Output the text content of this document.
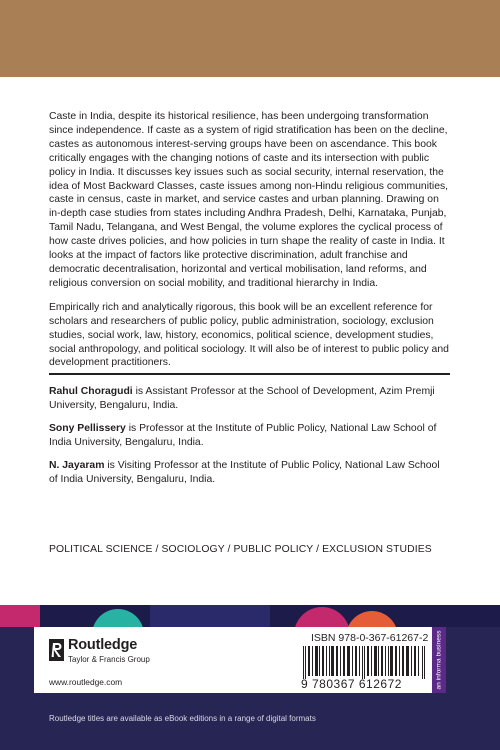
Caste in India, despite its historical resilience, has been undergoing transformation since independence. If caste as a system of rigid stratification has been on the decline, castes as autonomous interest-serving groups have been on ascendance. This book critically engages with the changing notions of caste and its intersection with public policy in India. It discusses key issues such as social security, internal reservation, the idea of Most Backward Classes, caste issues among non-Hindu religious communities, caste in census, caste in market, and service castes and urban planning. Drawing on in-depth case studies from states including Andhra Pradesh, Delhi, Karnataka, Punjab, Tamil Nadu, Telangana, and West Bengal, the volume explores the cyclical process of how caste drives policies, and how policies in turn shape the reality of caste in India. It looks at the impact of factors like protective discrimination, adult franchise and democratic decentralisation, horizontal and vertical mobilisation, land reforms, and religious conversion on social mobility, and traditional hierarchy in India.

Empirically rich and analytically rigorous, this book will be an excellent reference for scholars and researchers of public policy, public administration, sociology, exclusion studies, social work, law, history, economics, political science, development studies, social anthropology, and political sociology. It will also be of interest to public policy and development practitioners.

Rahul Choragudi is Assistant Professor at the School of Development, Azim Premji University, Bengaluru, India.

Sony Pellissery is Professor at the Institute of Public Policy, National Law School of India University, Bengaluru, India.

N. Jayaram is Visiting Professor at the Institute of Public Policy, National Law School of India University, Bengaluru, India.

POLITICAL SCIENCE / SOCIOLOGY / PUBLIC POLICY / EXCLUSION STUDIES
Routledge
Taylor & Francis Group
www.routledge.com
ISBN 978-0-367-61267-2
9 780367 612672	an informa business
Routledge titles are available as eBook editions in a range of digital formats
